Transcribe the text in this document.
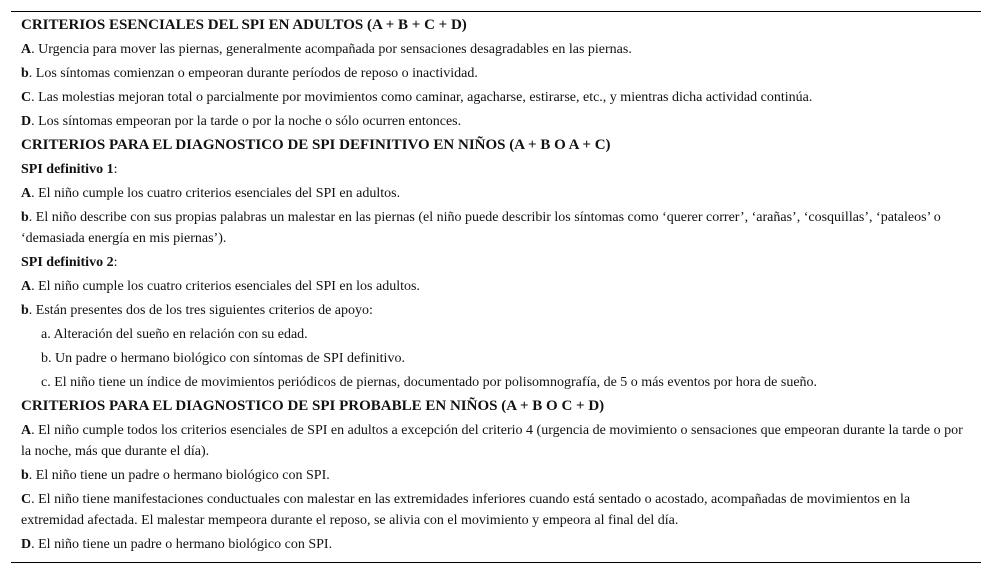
CRITERIOS ESENCIALES DEL SPI EN ADULTOS (A + B + C + D)
A. Urgencia para mover las piernas, generalmente acompañada por sensaciones desagradables en las piernas.
b. Los síntomas comienzan o empeoran durante períodos de reposo o inactividad.
C. Las molestias mejoran total o parcialmente por movimientos como caminar, agacharse, estirarse, etc., y mientras dicha actividad continúa.
D. Los síntomas empeoran por la tarde o por la noche o sólo ocurren entonces.
CRITERIOS PARA EL DIAGNOSTICO DE SPI DEFINITIVO EN NIÑOS (A + B O A + C)
SPI definitivo 1:
A. El niño cumple los cuatro criterios esenciales del SPI en adultos.
b. El niño describe con sus propias palabras un malestar en las piernas (el niño puede describir los síntomas como ‘querer correr’, ‘arañas’, ‘cosquillas’, ‘pataleos’ o ‘demasiada energía en mis piernas’).
SPI definitivo 2:
A. El niño cumple los cuatro criterios esenciales del SPI en los adultos.
b. Están presentes dos de los tres siguientes criterios de apoyo:
a. Alteración del sueño en relación con su edad.
b. Un padre o hermano biológico con síntomas de SPI definitivo.
c. El niño tiene un índice de movimientos periódicos de piernas, documentado por polisomnografía, de 5 o más eventos por hora de sueño.
CRITERIOS PARA EL DIAGNOSTICO DE SPI PROBABLE EN NIÑOS (A + B O C + D)
A. El niño cumple todos los criterios esenciales de SPI en adultos a excepción del criterio 4 (urgencia de movimiento o sensaciones que empeoran durante la tarde o por la noche, más que durante el día).
b. El niño tiene un padre o hermano biológico con SPI.
C. El niño tiene manifestaciones conductuales con malestar en las extremidades inferiores cuando está sentado o acostado, acompañadas de movimientos en la extremidad afectada. El malestar mempeora durante el reposo, se alivia con el movimiento y empeora al final del día.
D. El niño tiene un padre o hermano biológico con SPI.
